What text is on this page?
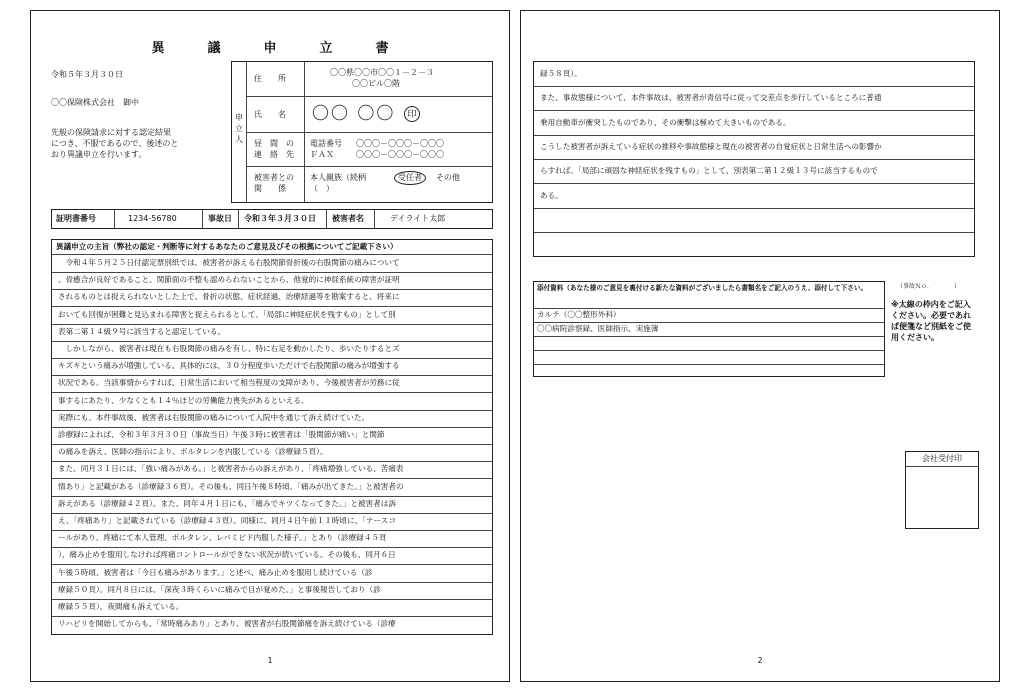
異　議　申　立　書
令和５年３月３０日
〇〇保険株式会社　御中
先般の保険請求に対する認定結果
につき、不服であるので、後述のと
おり異議申立を行います。
申立人
住　　所
〇〇県〇〇市〇〇１－２－３
〇〇ビル〇階
氏　　名 〇〇 〇〇	印
昼　間　の
連　絡　先
電話番号 〇〇〇－〇〇〇－〇〇〇
ＦＡＸ	〇〇〇－〇〇〇－〇〇〇
被害者との
関　　係
本人親族（続柄	受任者	その他
（　）
証明書番号	1234-56780	事故日 令和３年３月３０日 被害者名	デイライト太郎
異議申立の主旨（弊社の認定・判断等に対するあなたのご意見及びその根拠についてご記載下さい）
　令和４年５月２５日付認定票別紙では、被害者が訴える右股関節骨折後の右股関節の痛みについて
、骨癒合が良好であること、関節面の不整も認められないことから、他覚的に神経系統の障害が証明
されるものとは捉えられないとした上で、骨折の状態、症状経過、治療経過等を勘案すると、将来に
おいても回復が困難と見込まれる障害と捉えられるとして、「局部に神経症状を残すもの」として別
表第二第１４級９号に該当すると認定している。
　しかしながら、被害者は現在も右股関節の痛みを有し、特に右足を動かしたり、歩いたりするとズ
キズキという痛みが増強している。具体的には、３０分程度歩いただけで右股関節の痛みが増強する
状況である。当該事情からすれば、日常生活において相当程度の支障があり、今後被害者が労務に従
事するにあたり、少なくとも１４％ほどの労働能力喪失があるといえる。
実際にも、本件事故後、被害者は右股関節の痛みについて入院中を通じて訴え続けていた。
診療録によれば、令和３年３月３０日（事故当日）午後３時に被害者は「股関節が痛い」と関節
の痛みを訴え、医師の指示により、ボルタレンを内服している（診療録５頁）。
また、同月３１日には、「強い痛みがある。」と被害者からの訴えがあり、「疼痛増強している、苦痛表
情あり」と記載がある（診療録３６頁）。その後も、同日午後８時頃、「痛みが出てきた。」と被害者の
訴えがある（診療録４２頁）。また、同年４月１日にも、「痛みでキツくなってきた。」と被害者は訴
え、「疼痛あり」と記載されている（診療録４３頁）。同様に、同月４日午前１１時頃に、「ナースコ
ールがあり、疼痛にて本人管理、ボルタレン、レバミピド内服した様子。」とあり（診療録４５頁
）、痛み止めを服用しなければ疼痛コントロールができない状況が続いている。その後も、同月６日
午後５時頃、被害者は「今日も痛みがあります。」と述べ、痛み止めを服用し続けている（診
療録５０頁）。同月８日には、「深夜３時くらいに痛みで目が覚めた。」と事後報告しており（診
療録５５頁）、夜間痛も訴えている。
リハビリを開始してからも、「常時痛みあり」とあり、被害者が右股関節痛を訴え続けている（診療
1
録５８頁）。
また、事故態様について、本件事故は、被害者が青信号に従って交差点を歩行しているところに普通
乗用自動車が衝突したものであり、その衝撃は極めて大きいものである。
こうした被害者が訴えている症状の推移や事故態様と現在の被害者の自覚症状と日常生活への影響か
らすれば、「局部に頑固な神経症状を残すもの」として、別表第二第１２級１３号に該当するもので
ある。
添付資料（あなた様のご意見を裏付ける新たな資料がございましたら書類名をご記入のうえ、添付して下さい。
カルテ（〇〇整形外科）
〇〇病院診察録、医師指示、実施簿
（事故Ｎｏ．　　　　）
※太線の枠内をご記入ください。必要であれば便箋など別紙をご使用ください。
会社受付印
2
